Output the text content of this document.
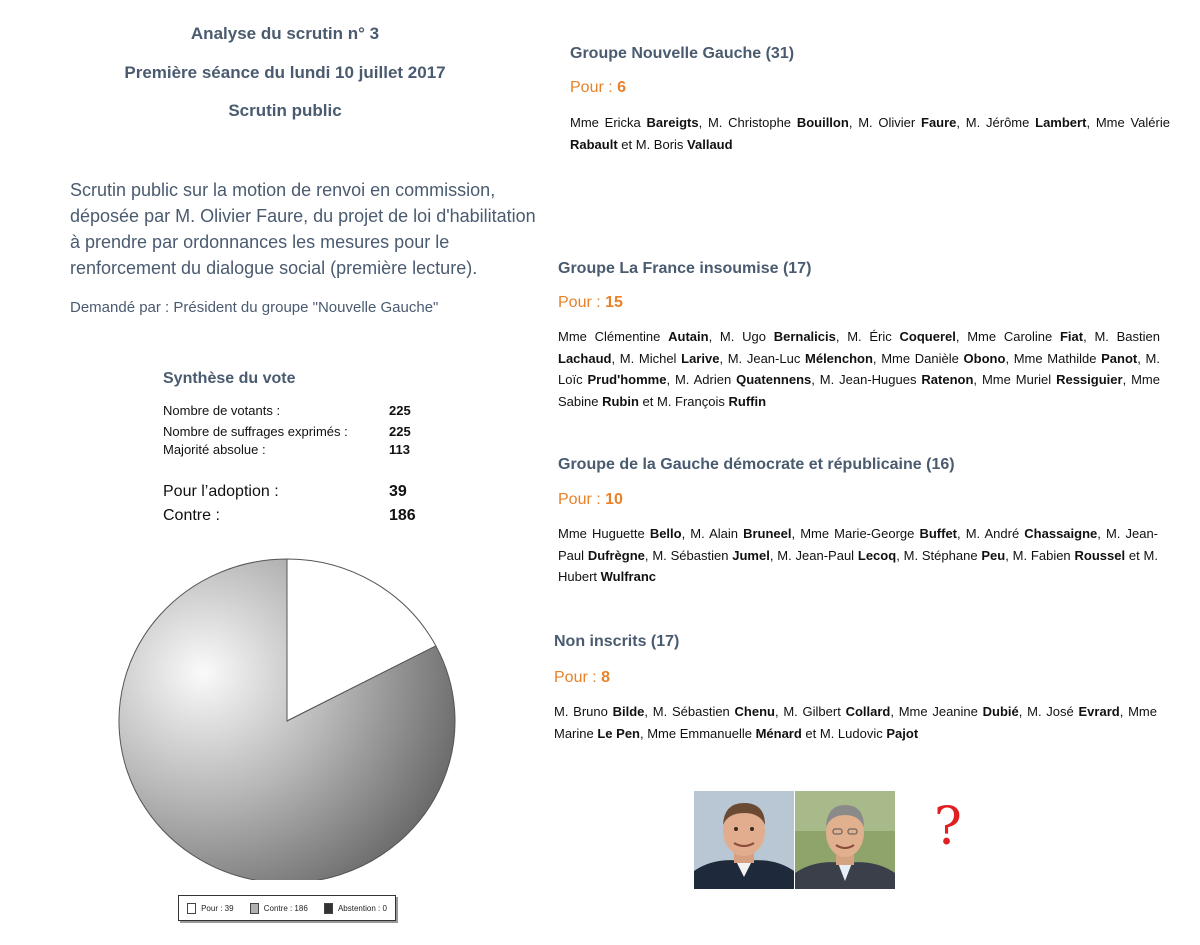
Analyse du scrutin n° 3
Première séance du lundi 10 juillet 2017
Scrutin public
Scrutin public sur la motion de renvoi en commission,
déposée par M. Olivier Faure, du projet de loi d'habilitation
à prendre par ordonnances les mesures pour le
renforcement du dialogue social (première lecture).
Demandé par : Président du groupe "Nouvelle Gauche"
Synthèse du vote
Nombre de votants :	225
Nombre de suffrages exprimés :	225
Majorité absolue :	113
Pour l’adoption :	39
Contre :	186
Pour : 39	Contre : 186	Abstention : 0
Groupe Nouvelle Gauche (31)
Pour : 6
Mme Ericka Bareigts, M. Christophe Bouillon, M. Olivier Faure, M. Jérôme Lambert, Mme Valérie Rabault et M. Boris Vallaud
Groupe La France insoumise (17)
Pour : 15
Mme Clémentine Autain, M. Ugo Bernalicis, M. Éric Coquerel, Mme Caroline Fiat, M. Bastien Lachaud, M. Michel Larive, M. Jean-Luc Mélenchon, Mme Danièle Obono, Mme Mathilde Panot, M. Loïc Prud'homme, M. Adrien Quatennens, M. Jean-Hugues Ratenon, Mme Muriel Ressiguier, Mme Sabine Rubin et M. François Ruffin
Groupe de la Gauche démocrate et républicaine (16)
Pour : 10
Mme Huguette Bello, M. Alain Bruneel, Mme Marie-George Buffet, M. André Chassaigne, M. Jean-Paul Dufrègne, M. Sébastien Jumel, M. Jean-Paul Lecoq, M. Stéphane Peu, M. Fabien Roussel et M. Hubert Wulfranc
Non inscrits (17)
Pour : 8
M. Bruno Bilde, M. Sébastien Chenu, M. Gilbert Collard, Mme Jeanine Dubié, M. José Evrard, Mme Marine Le Pen, Mme Emmanuelle Ménard et M. Ludovic Pajot
?
